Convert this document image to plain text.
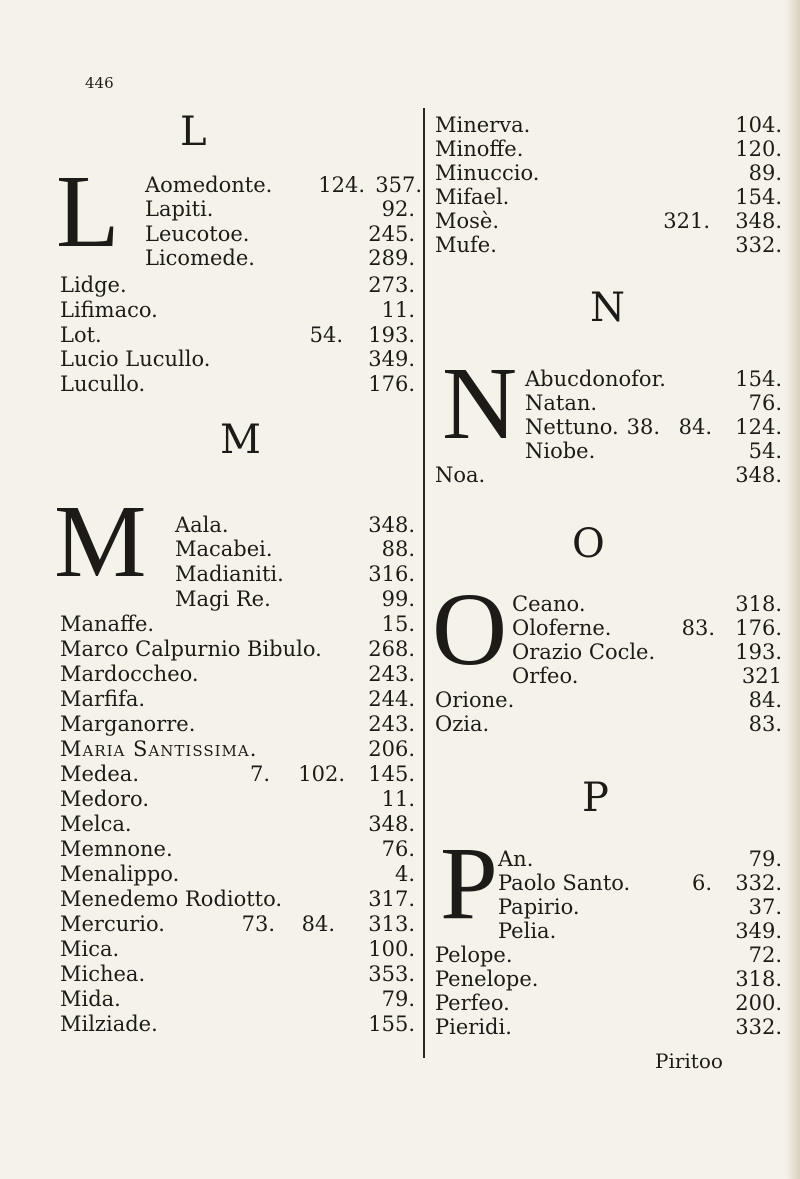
446
L
L Aomedonte.	124. 357.
Lapiti.	92.
Leucotoe.	245.
Licomede.	289.
Lidge.	273.
Lifimaco.	11.
Lot.	54.	193.
Lucio Lucullo.	349.
Lucullo.	176.
M
M Aala.	348.
Macabei.	88.
Madianiti.	316.
Magi Re.	99.
Manaffe.	15.
Marco Calpurnio Bibulo.	268.
Mardoccheo.	243.
Marfifa.	244.
Marganorre.	243.
Maria Santissima.	206.
Medea.	7.	102.	145.
Medoro.	11.
Melca.	348.
Memnone.	76.
Menalippo.	4.
Menedemo Rodiotto.	317.
Mercurio.	73.	84.	313.
Mica.	100.
Michea.	353.
Mida.	79.
Milziade.	155.
Minerva.	104.
Minoffe.	120.
Minuccio.	89.
Mifael.	154.
Mosè.	321.	348.
Mufe.	332.
N
N Abucdonofor.	154.
Natan.	76.
Nettuno. 38. 84.	124.
Niobe.	54.
Noa.	348.
O
O Ceano.	318.
Oloferne.	83. 176.
Orazio Cocle.	193.
Orfeo.	321
Orione.	84.
Ozia.	83.
P
P An.	79.
Paolo Santo.	6.	332.
Papirio.	37.
Pelia.	349.
Pelope.	72.
Penelope.	318.
Perfeo.	200.
Pieridi.	332.
Piritoo
